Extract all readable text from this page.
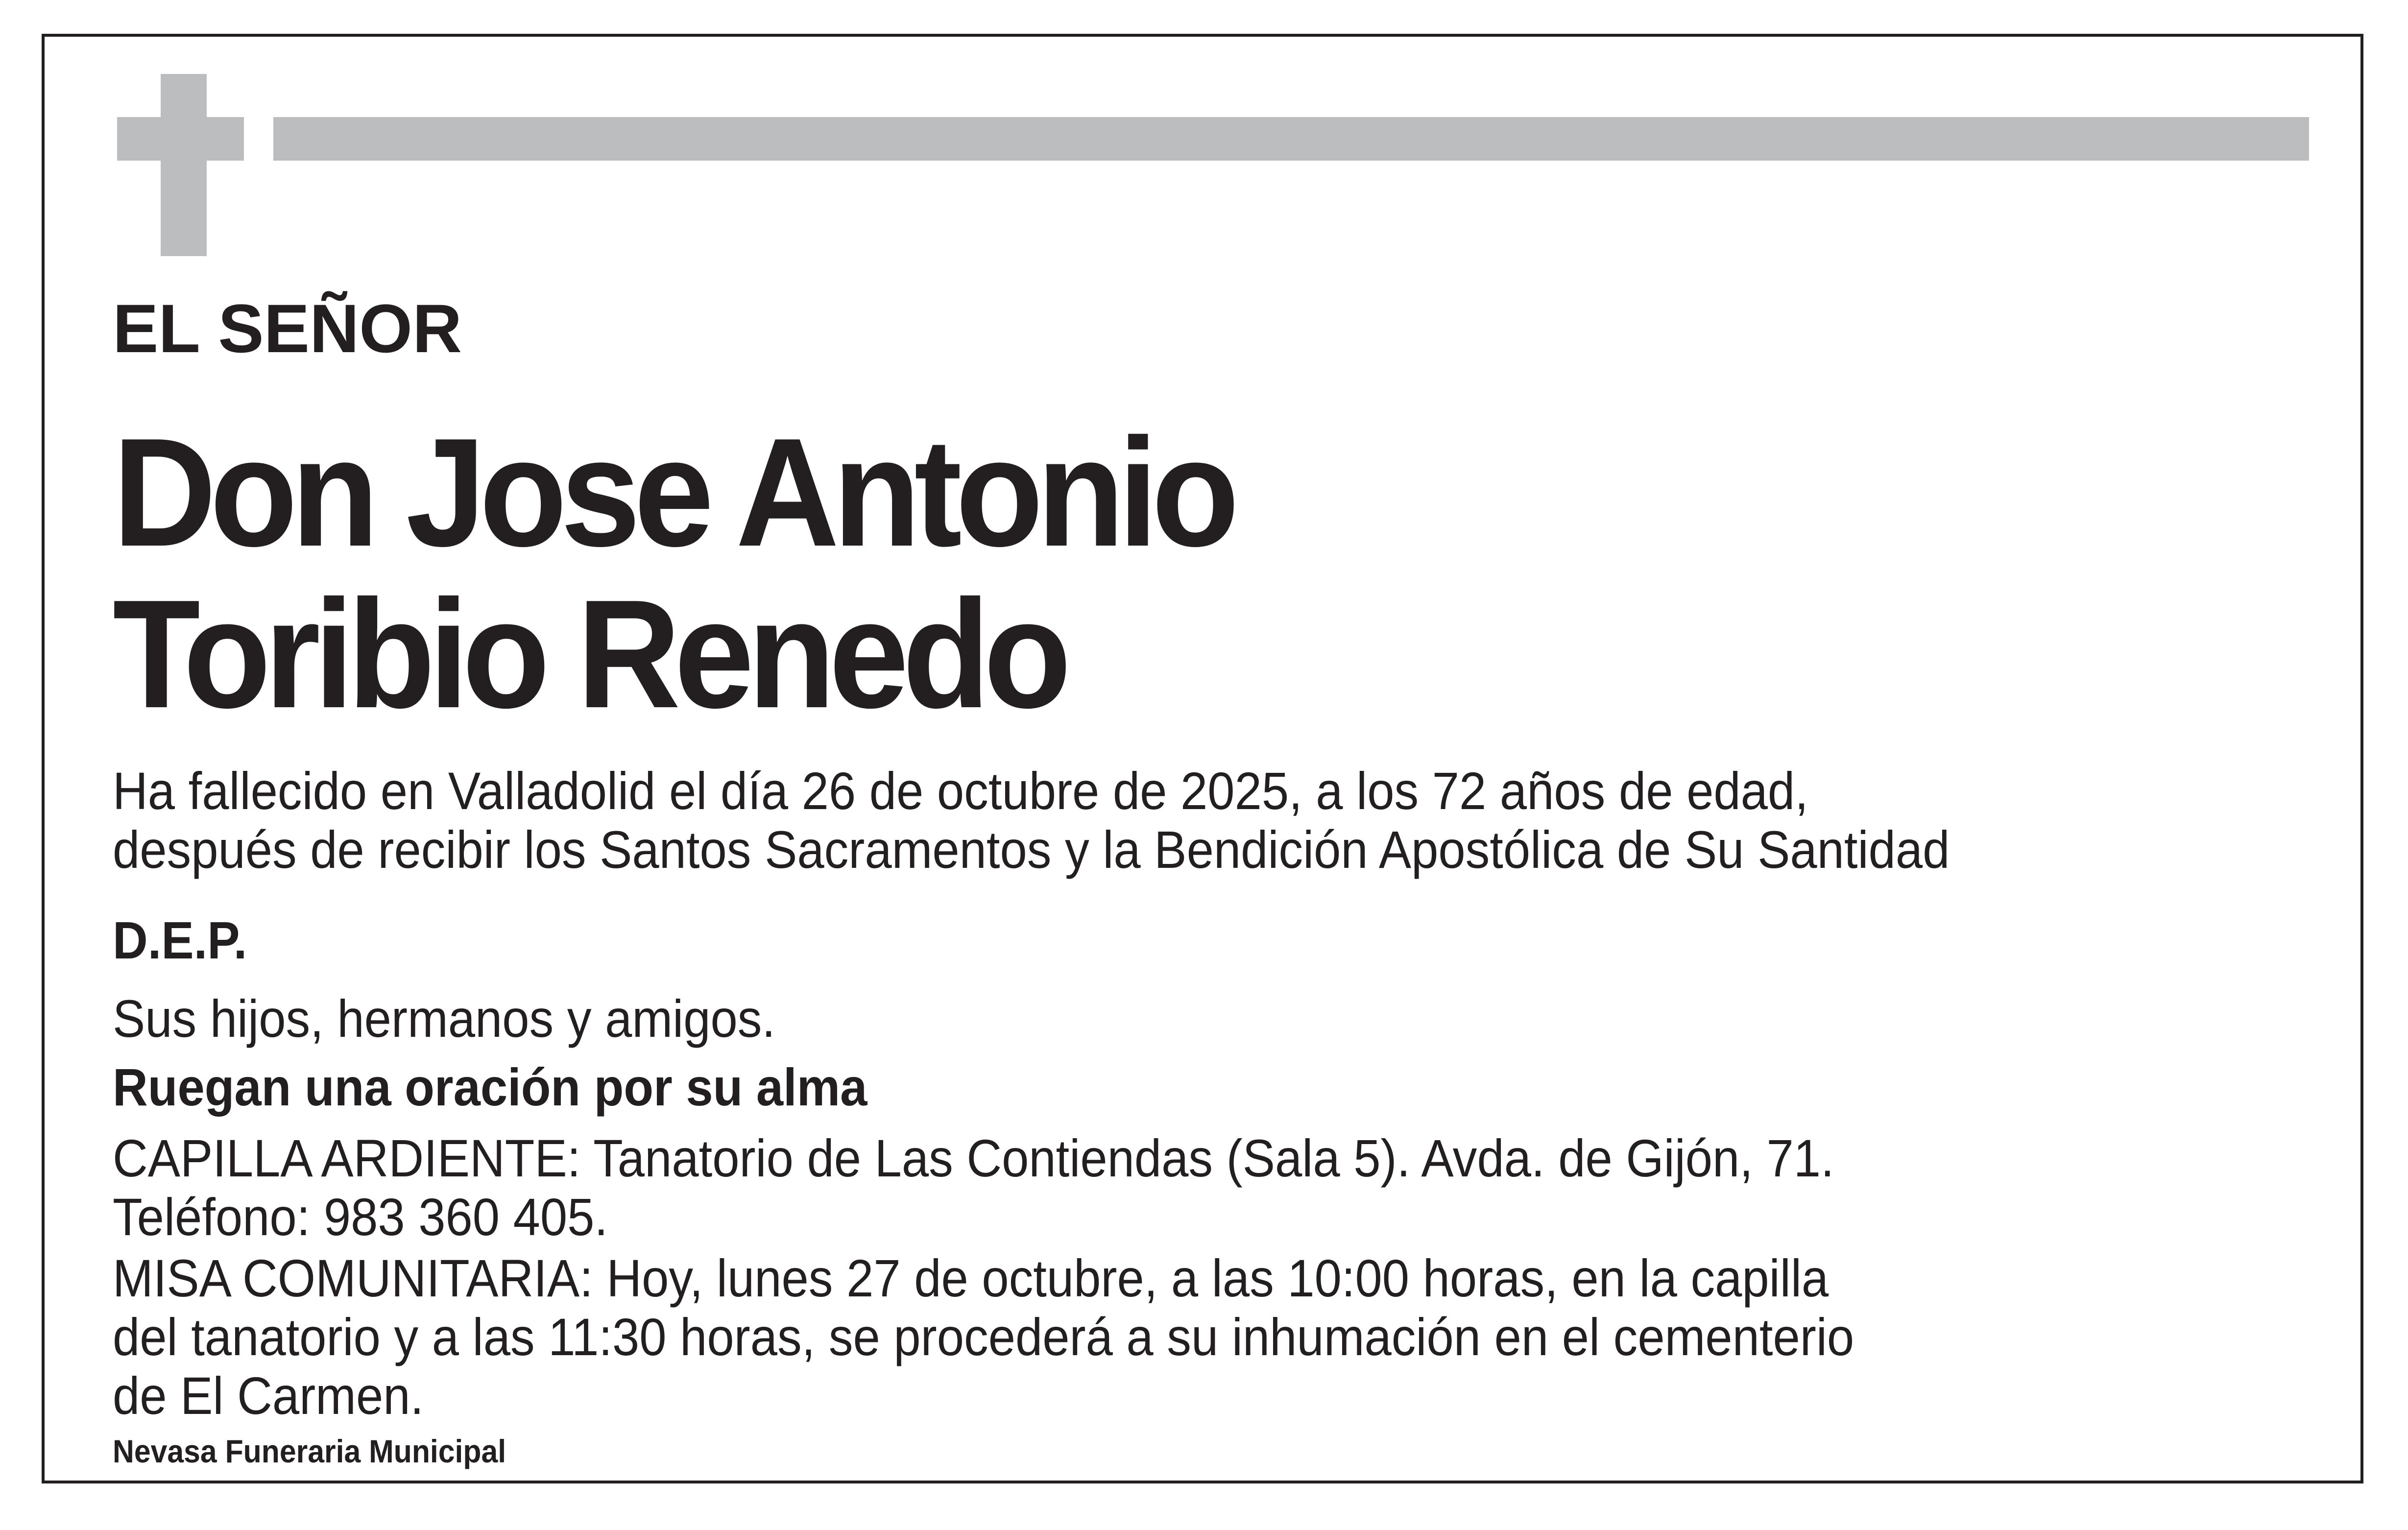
EL SEÑOR
Don Jose Antonio
Toribio Renedo
Ha fallecido en Valladolid el día 26 de octubre de 2025, a los 72 años de edad,
después de recibir los Santos Sacramentos y la Bendición Apostólica de Su Santidad
D.E.P.
Sus hijos, hermanos y amigos.
Ruegan una oración por su alma
CAPILLA ARDIENTE: Tanatorio de Las Contiendas (Sala 5). Avda. de Gijón, 71.
Teléfono: 983 360 405.
MISA COMUNITARIA: Hoy, lunes 27 de octubre, a las 10:00 horas, en la capilla
del tanatorio y a las 11:30 horas, se procederá a su inhumación en el cementerio
de El Carmen.
Nevasa Funeraria Municipal
